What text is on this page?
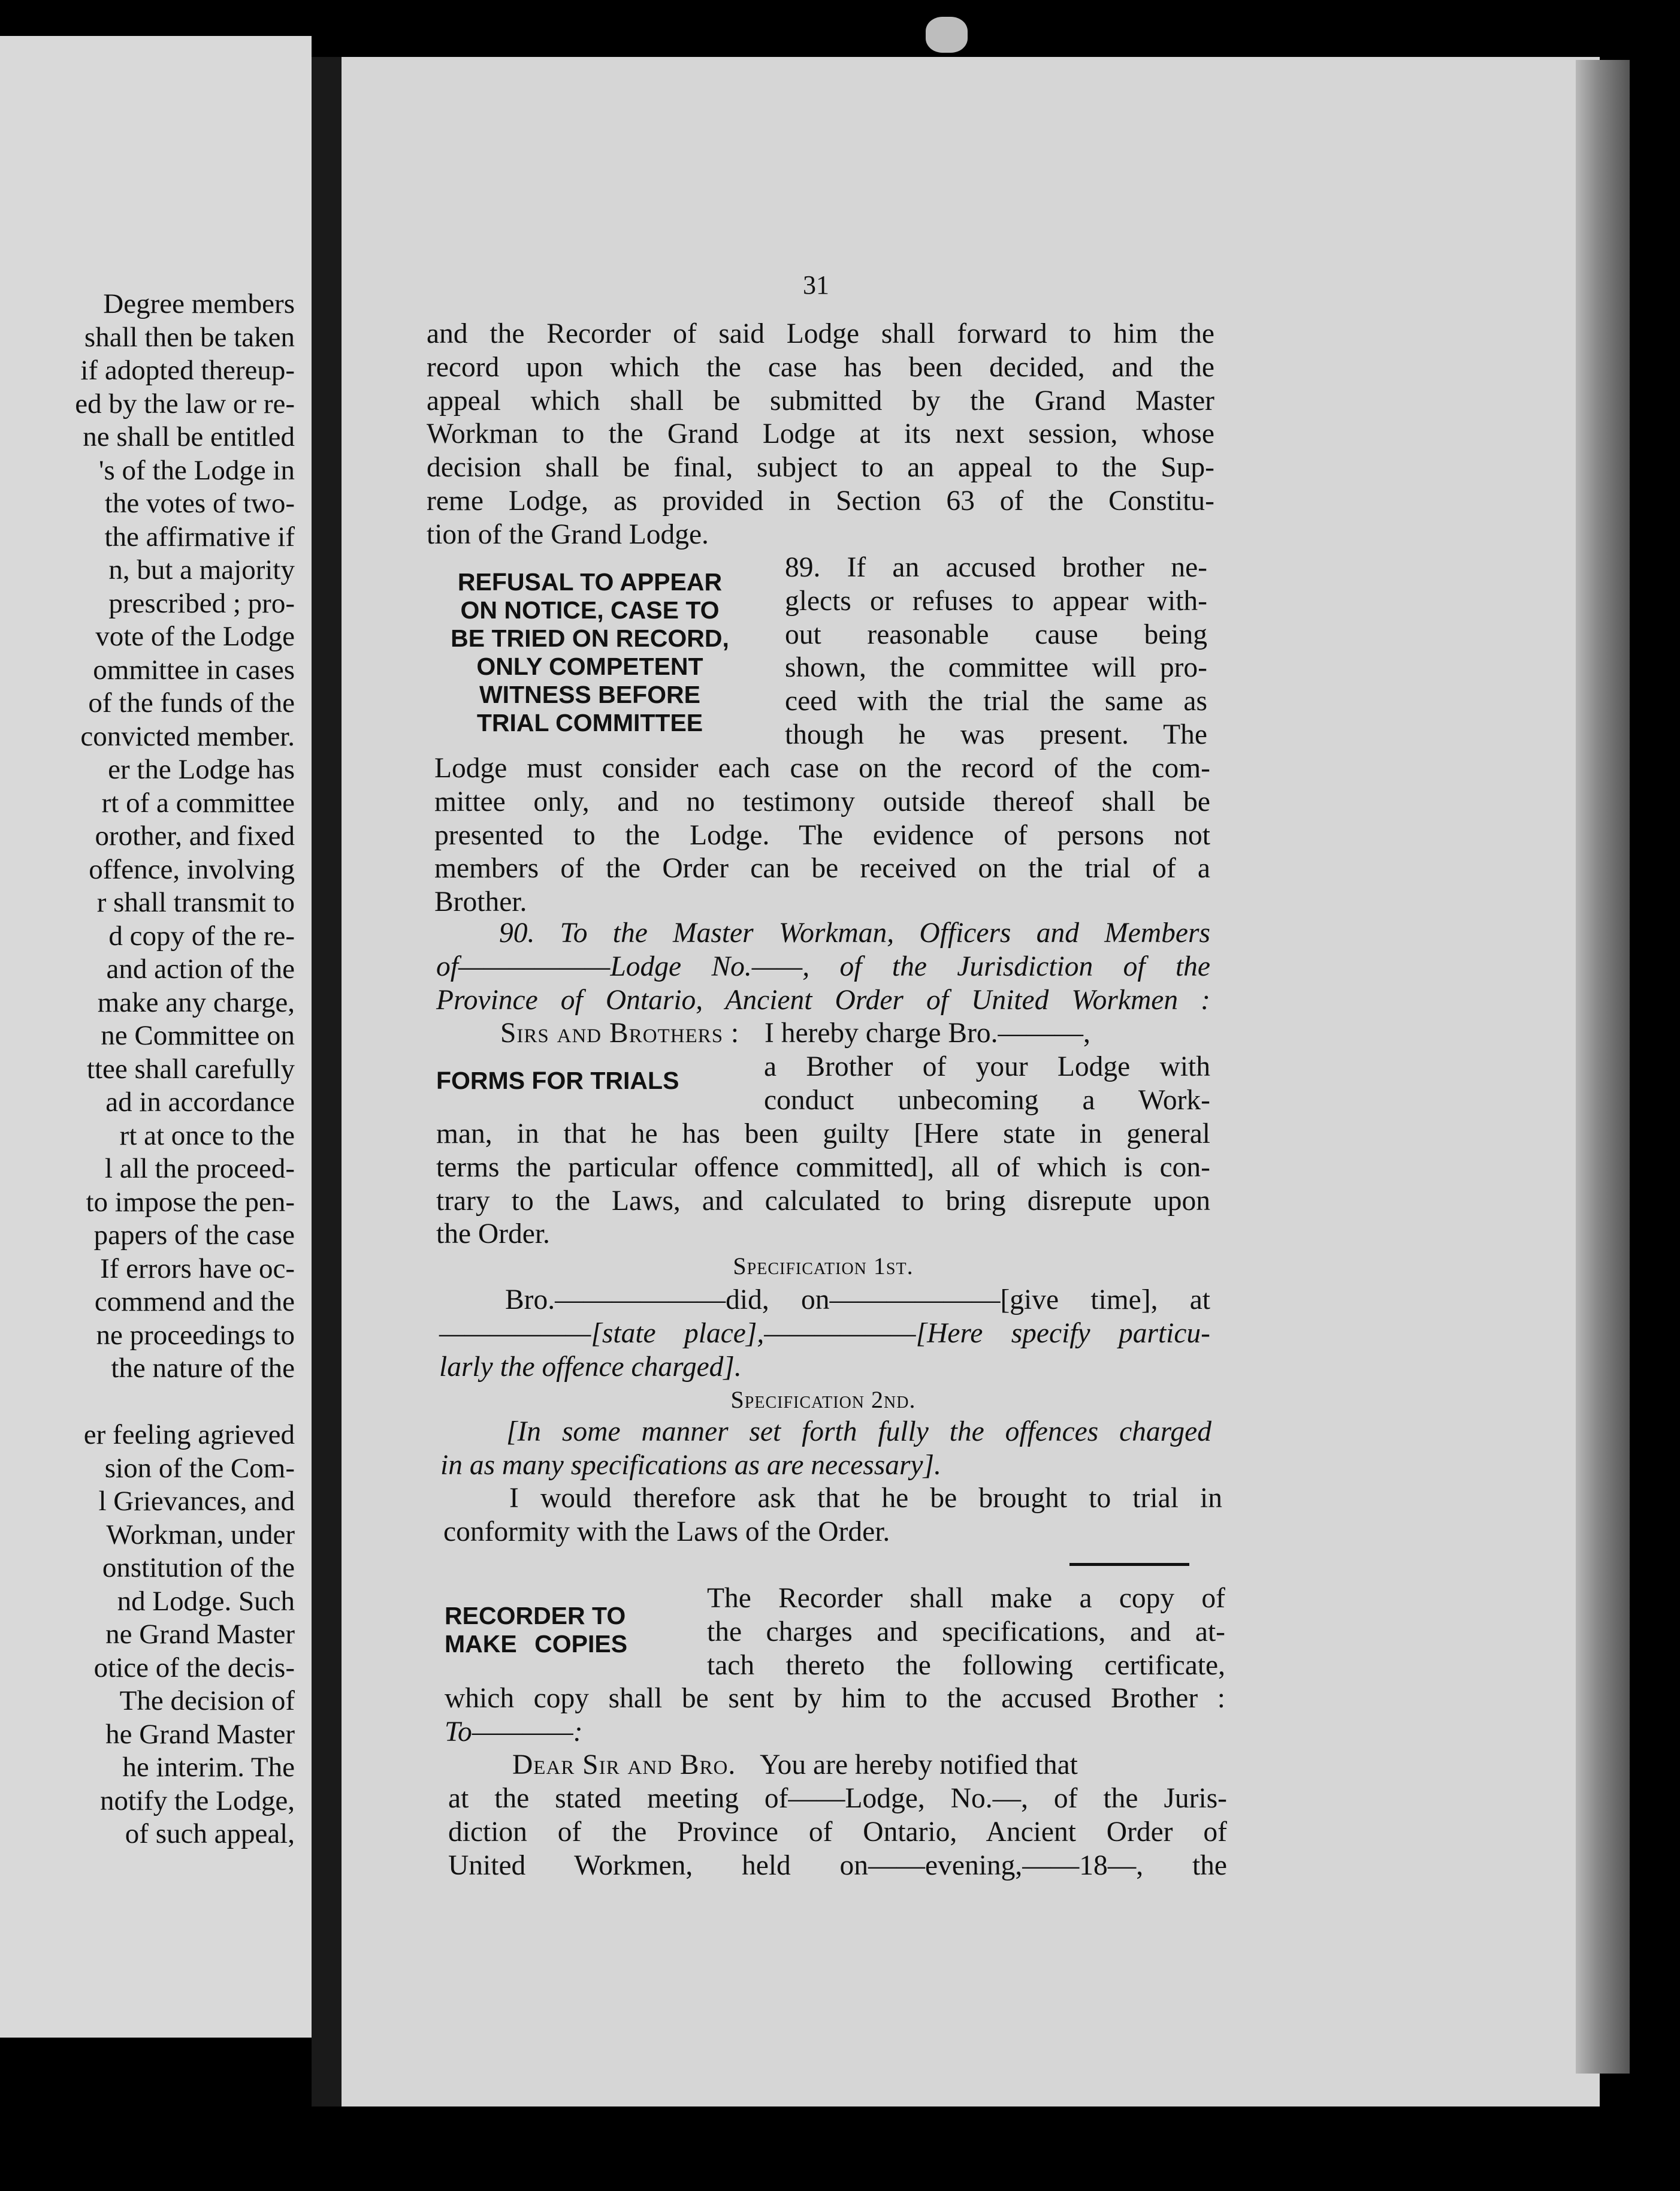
Degree members
shall then be taken
if adopted thereup-
ed by the law or re-
ne shall be entitled
's of the Lodge in
the votes of two-
the affirmative if
n, but a majority
prescribed ; pro-
vote of the Lodge
ommittee in cases
of the funds of the
convicted member.
er the Lodge has
rt of a committee
orother, and fixed
offence, involving
r shall transmit to
d copy of the re-
and action of the
make any charge,
ne Committee on
ttee shall carefully
ad in accordance
rt at once to the
l all the proceed-
to impose the pen-
papers of the case
If errors have oc-
commend and the
ne proceedings to
the nature of the
er feeling agrieved
sion of the Com-
l Grievances, and
Workman, under
onstitution of the
nd Lodge. Such
ne Grand Master
otice of the decis-
The decision of
he Grand Master
he interim. The
notify the Lodge,
of such appeal,
31

and the Recorder of said Lodge shall forward to him the
record upon which the case has been decided, and the
appeal which shall be submitted by the Grand Master
Workman to the Grand Lodge at its next session, whose
decision shall be final, subject to an appeal to the Sup-
reme Lodge, as provided in Section 63 of the Constitu-
tion of the Grand Lodge.

REFUSAL TO APPEAR
ON NOTICE, CASE TO
BE TRIED ON RECORD,
ONLY COMPETENT
WITNESS BEFORE
TRIAL COMMITTEE

89. If an accused brother ne-
glects or refuses to appear with-
out reasonable cause being
shown, the committee will pro-
ceed with the trial the same as
though he was present. The

Lodge must consider each case on the record of the com-
mittee only, and no testimony outside thereof shall be
presented to the Lodge. The evidence of persons not
members of the Order can be received on the trial of a
Brother.

90. To the Master Workman, Officers and Members
of——————Lodge No.——, of the Jurisdiction of the
Province of Ontario, Ancient Order of United Workmen :

Sirs and Brothers : I hereby charge Bro.———,

FORMS FOR TRIALS	a Brother of your Lodge with
conduct unbecoming a Work-

man, in that he has been guilty [Here state in general
terms the particular offence committed], all of which is con-
trary to the Laws, and calculated to bring disrepute upon
the Order.

Specification 1st.

Bro.——————did, on——————[give time], at
——————[state place],——————[Here specify particu-
larly the offence charged].

Specification 2nd.

[In some manner set forth fully the offences charged
in as many specifications as are necessary].

I would therefore ask that he be brought to trial in
conformity with the Laws of the Order.

RECORDER TO
MAKE COPIES

The Recorder shall make a copy of
the charges and specifications, and at-
tach thereto the following certificate,

which copy shall be sent by him to the accused Brother :
To————:

Dear Sir and Bro. You are hereby notified that

at the stated meeting of——Lodge, No.—, of the Juris-
diction of the Province of Ontario, Ancient Order of
United Workmen, held on——evening,——18—, the
